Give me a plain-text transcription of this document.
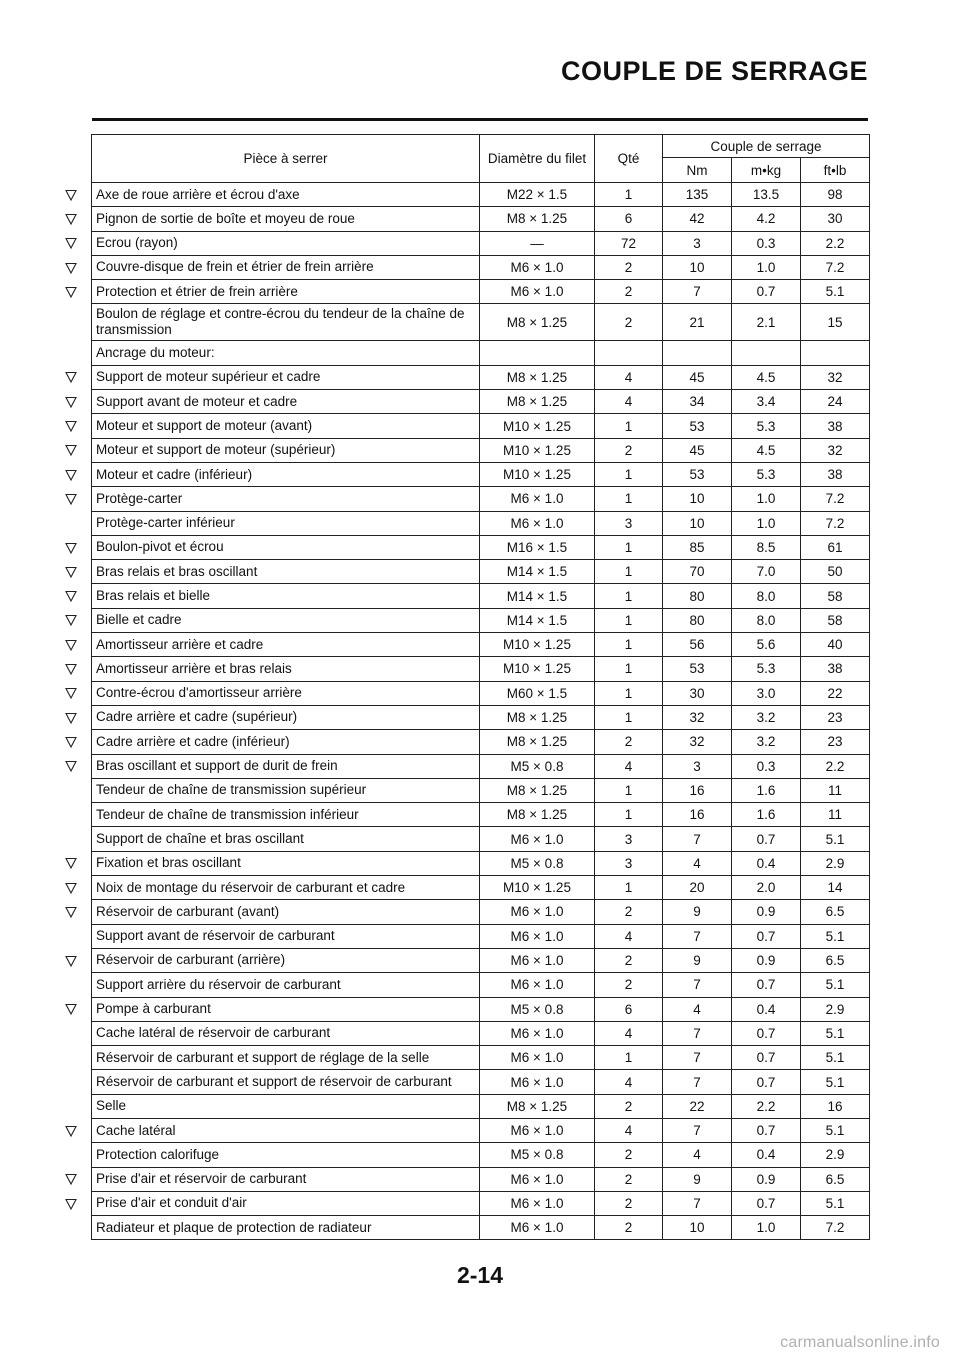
COUPLE DE SERRAGE
Pièce à serrer	Diamètre du filet	Qté	Couple de serrage		
			Nm	m•kg	ft•lb

Axe de roue arrière et écrou d'axe	M22 × 1.5	1	135	13.5	98

Pignon de sortie de boîte et moyeu de roue	M8 × 1.25	6	42	4.2	30

Ecrou (rayon)	—	72	3	0.3	2.2

Couvre-disque de frein et étrier de frein arrière	M6 × 1.0	2	10	1.0	7.2

Protection et étrier de frein arrière	M6 × 1.0	2	7	0.7	5.1
Boulon de réglage et contre-écrou du tendeur de la chaîne de transmission	M8 × 1.25	2	21	2.1	15
Ancrage du moteur:					

Support de moteur supérieur et cadre	M8 × 1.25	4	45	4.5	32

Support avant de moteur et cadre	M8 × 1.25	4	34	3.4	24

Moteur et support de moteur (avant)	M10 × 1.25	1	53	5.3	38

Moteur et support de moteur (supérieur)	M10 × 1.25	2	45	4.5	32

Moteur et cadre (inférieur)	M10 × 1.25	1	53	5.3	38

Protège-carter	M6 × 1.0	1	10	1.0	7.2
Protège-carter inférieur	M6 × 1.0	3	10	1.0	7.2

Boulon-pivot et écrou	M16 × 1.5	1	85	8.5	61

Bras relais et bras oscillant	M14 × 1.5	1	70	7.0	50

Bras relais et bielle	M14 × 1.5	1	80	8.0	58

Bielle et cadre	M14 × 1.5	1	80	8.0	58

Amortisseur arrière et cadre	M10 × 1.25	1	56	5.6	40

Amortisseur arrière et bras relais	M10 × 1.25	1	53	5.3	38

Contre-écrou d'amortisseur arrière	M60 × 1.5	1	30	3.0	22

Cadre arrière et cadre (supérieur)	M8 × 1.25	1	32	3.2	23

Cadre arrière et cadre (inférieur)	M8 × 1.25	2	32	3.2	23

Bras oscillant et support de durit de frein	M5 × 0.8	4	3	0.3	2.2
Tendeur de chaîne de transmission supérieur	M8 × 1.25	1	16	1.6	11
Tendeur de chaîne de transmission inférieur	M8 × 1.25	1	16	1.6	11
Support de chaîne et bras oscillant	M6 × 1.0	3	7	0.7	5.1

Fixation et bras oscillant	M5 × 0.8	3	4	0.4	2.9

Noix de montage du réservoir de carburant et cadre	M10 × 1.25	1	20	2.0	14

Réservoir de carburant (avant)	M6 × 1.0	2	9	0.9	6.5
Support avant de réservoir de carburant	M6 × 1.0	4	7	0.7	5.1

Réservoir de carburant (arrière)	M6 × 1.0	2	9	0.9	6.5
Support arrière du réservoir de carburant	M6 × 1.0	2	7	0.7	5.1

Pompe à carburant	M5 × 0.8	6	4	0.4	2.9
Cache latéral de réservoir de carburant	M6 × 1.0	4	7	0.7	5.1
Réservoir de carburant et support de réglage de la selle	M6 × 1.0	1	7	0.7	5.1
Réservoir de carburant et support de réservoir de carburant	M6 × 1.0	4	7	0.7	5.1
Selle	M8 × 1.25	2	22	2.2	16

Cache latéral	M6 × 1.0	4	7	0.7	5.1
Protection calorifuge	M5 × 0.8	2	4	0.4	2.9

Prise d'air et réservoir de carburant	M6 × 1.0	2	9	0.9	6.5

Prise d'air et conduit d'air	M6 × 1.0	2	7	0.7	5.1
Radiateur et plaque de protection de radiateur	M6 × 1.0	2	10	1.0	7.2
2-14
carmanualsonline.info
